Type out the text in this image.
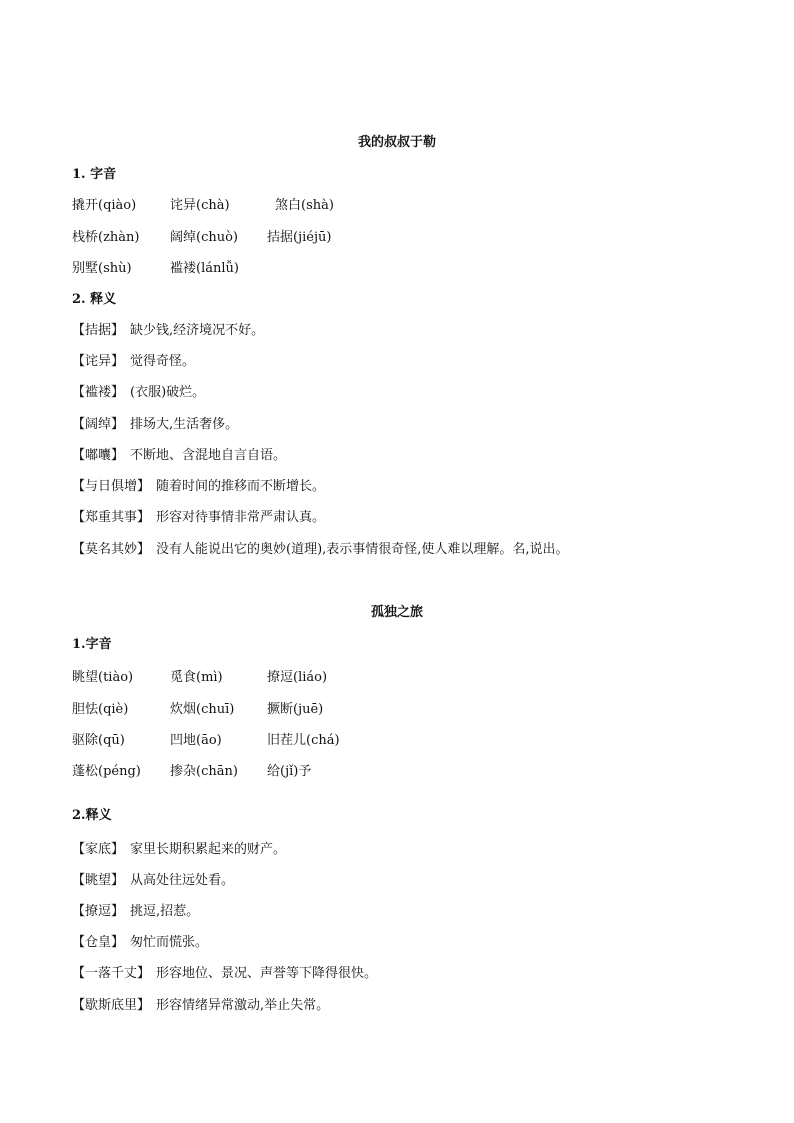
我的叔叔于勒
1. 字音
撬开(qiào)	诧异(chà)	煞白(shà)
栈桥(zhàn) 阔绰(chuò) 拮据(jiéjū)
别墅(shù)	褴褛(lánlǚ)
2. 释义
【拮据】 缺少钱,经济境况不好。
【诧异】 觉得奇怪。
【褴褛】 (衣服)破烂。
【阔绰】 排场大,生活奢侈。
【嘟囔】 不断地、含混地自言自语。
【与日俱增】 随着时间的推移而不断增长。
【郑重其事】 形容对待事情非常严肃认真。
【莫名其妙】 没有人能说出它的奥妙(道理),表示事情很奇怪,使人难以理解。名,说出。
孤独之旅
1.字音
眺望(tiào)	觅食(mì)	撩逗(liáo)
胆怯(qiè)	炊烟(chuī)	撅断(juē)
驱除(qū)	凹地(āo)	旧茬儿(chá)
蓬松(péng) 掺杂(chān) 给(jǐ)予
2.释义
【家底】 家里长期积累起来的财产。
【眺望】 从高处往远处看。
【撩逗】 挑逗,招惹。
【仓皇】 匆忙而慌张。
【一落千丈】 形容地位、景况、声誉等下降得很快。
【歇斯底里】 形容情绪异常激动,举止失常。
